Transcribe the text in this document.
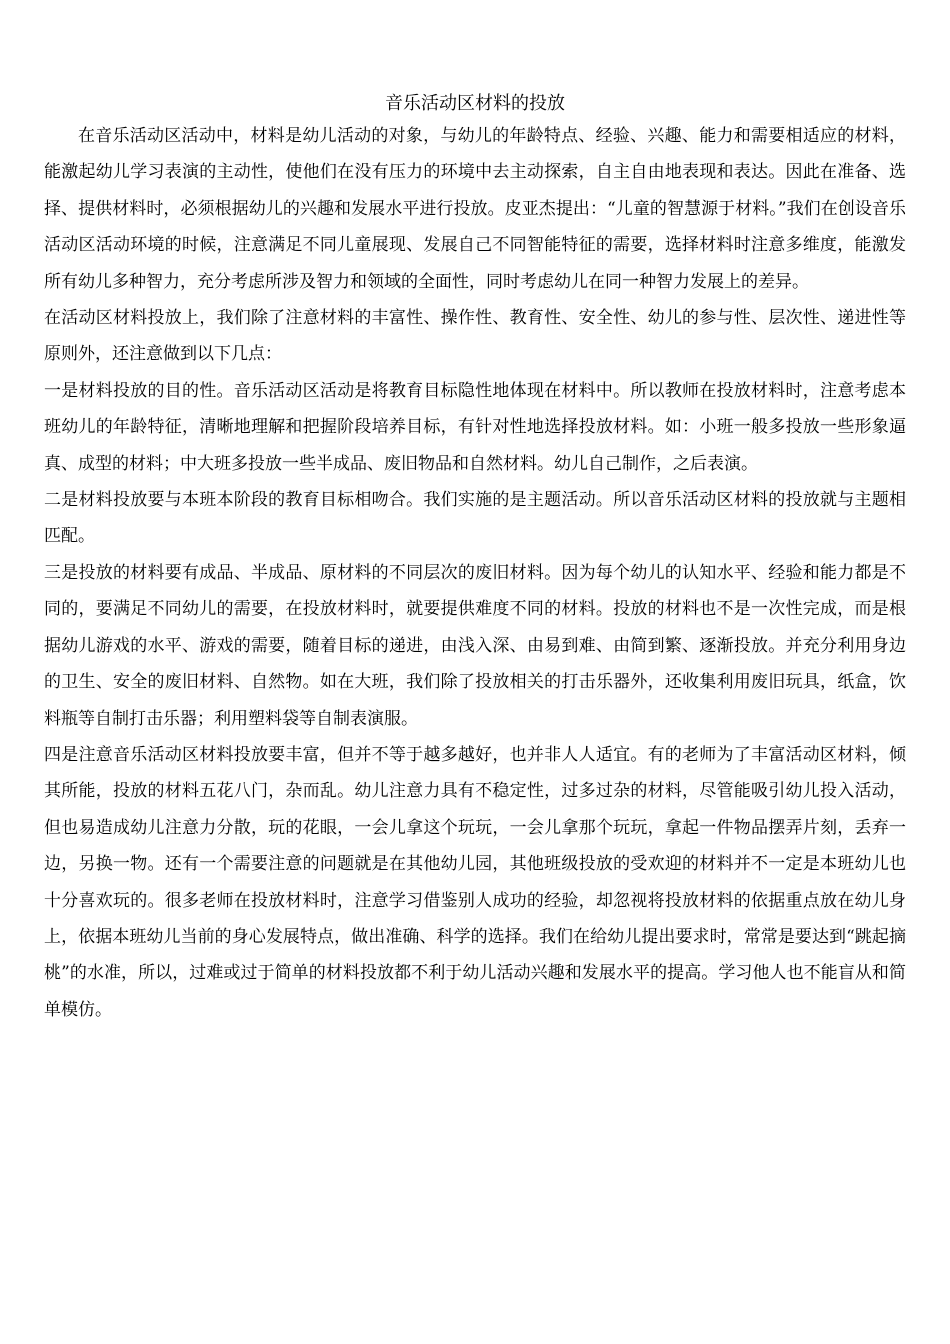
音乐活动区材料的投放

在音乐活动区活动中，材料是幼儿活动的对象，与幼儿的年龄特点、经验、兴趣、能力和需要相适应的材料，能激起幼儿学习表演的主动性，使他们在没有压力的环境中去主动探索，自主自由地表现和表达。因此在准备、选择、提供材料时，必须根据幼儿的兴趣和发展水平进行投放。皮亚杰提出：“儿童的智慧源于材料。”我们在创设音乐活动区活动环境的时候，注意满足不同儿童展现、发展自己不同智能特征的需要，选择材料时注意多维度，能激发所有幼儿多种智力，充分考虑所涉及智力和领域的全面性，同时考虑幼儿在同一种智力发展上的差异。

在活动区材料投放上，我们除了注意材料的丰富性、操作性、教育性、安全性、幼儿的参与性、层次性、递进性等原则外，还注意做到以下几点：

一是材料投放的目的性。音乐活动区活动是将教育目标隐性地体现在材料中。所以教师在投放材料时，注意考虑本班幼儿的年龄特征，清晰地理解和把握阶段培养目标，有针对性地选择投放材料。如：小班一般多投放一些形象逼真、成型的材料；中大班多投放一些半成品、废旧物品和自然材料。幼儿自己制作，之后表演。

二是材料投放要与本班本阶段的教育目标相吻合。我们实施的是主题活动。所以音乐活动区材料的投放就与主题相匹配。

三是投放的材料要有成品、半成品、原材料的不同层次的废旧材料。因为每个幼儿的认知水平、经验和能力都是不同的，要满足不同幼儿的需要，在投放材料时，就要提供难度不同的材料。投放的材料也不是一次性完成，而是根据幼儿游戏的水平、游戏的需要，随着目标的递进，由浅入深、由易到难、由简到繁、逐渐投放。并充分利用身边的卫生、安全的废旧材料、自然物。如在大班，我们除了投放相关的打击乐器外，还收集利用废旧玩具，纸盒，饮料瓶等自制打击乐器；利用塑料袋等自制表演服。

四是注意音乐活动区材料投放要丰富，但并不等于越多越好，也并非人人适宜。有的老师为了丰富活动区材料，倾其所能，投放的材料五花八门，杂而乱。幼儿注意力具有不稳定性，过多过杂的材料，尽管能吸引幼儿投入活动，但也易造成幼儿注意力分散，玩的花眼，一会儿拿这个玩玩，一会儿拿那个玩玩，拿起一件物品摆弄片刻，丢弃一边，另换一物。还有一个需要注意的问题就是在其他幼儿园，其他班级投放的受欢迎的材料并不一定是本班幼儿也十分喜欢玩的。很多老师在投放材料时，注意学习借鉴别人成功的经验，却忽视将投放材料的依据重点放在幼儿身上，依据本班幼儿当前的身心发展特点，做出准确、科学的选择。我们在给幼儿提出要求时，常常是要达到“跳起摘桃”的水准，所以，过难或过于简单的材料投放都不利于幼儿活动兴趣和发展水平的提高。学习他人也不能盲从和简单模仿。
